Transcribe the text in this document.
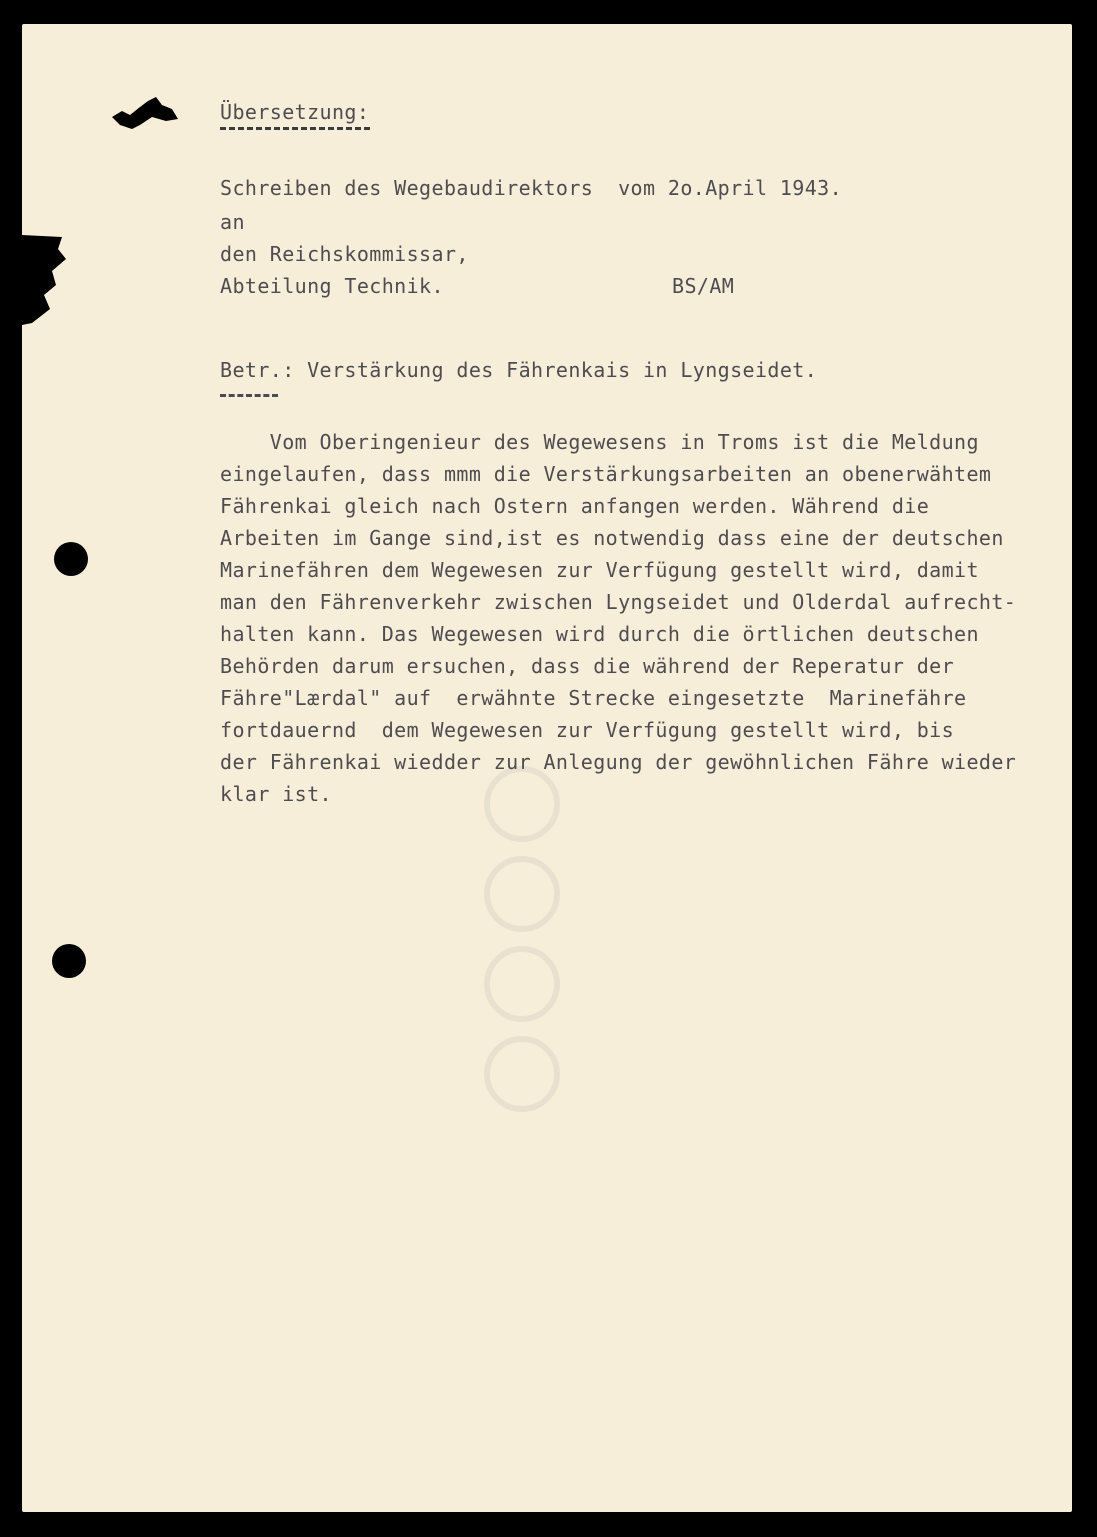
Übersetzung:
Schreiben des Wegebaudirektors  vom 2o.April 1943.
an
den Reichskommissar,
Abteilung Technik.	BS/AM
Betr.: Verstärkung des Fährenkais in Lyngseidet.
Vom Oberingenieur des Wegewesens in Troms ist die Meldung
eingelaufen, dass mmm die Verstärkungsarbeiten an obenerwähtem
Fährenkai gleich nach Ostern anfangen werden. Während die
Arbeiten im Gange sind,ist es notwendig dass eine der deutschen
Marinefähren dem Wegewesen zur Verfügung gestellt wird, damit
man den Fährenverkehr zwischen Lyngseidet und Olderdal aufrecht-
halten kann. Das Wegewesen wird durch die örtlichen deutschen
Behörden darum ersuchen, dass die während der Reperatur der
Fähre"Lærdal" auf  erwähnte Strecke eingesetzte  Marinefähre
fortdauernd  dem Wegewesen zur Verfügung gestellt wird, bis
der Fährenkai wiedder zur Anlegung der gewöhnlichen Fähre wieder
klar ist.
